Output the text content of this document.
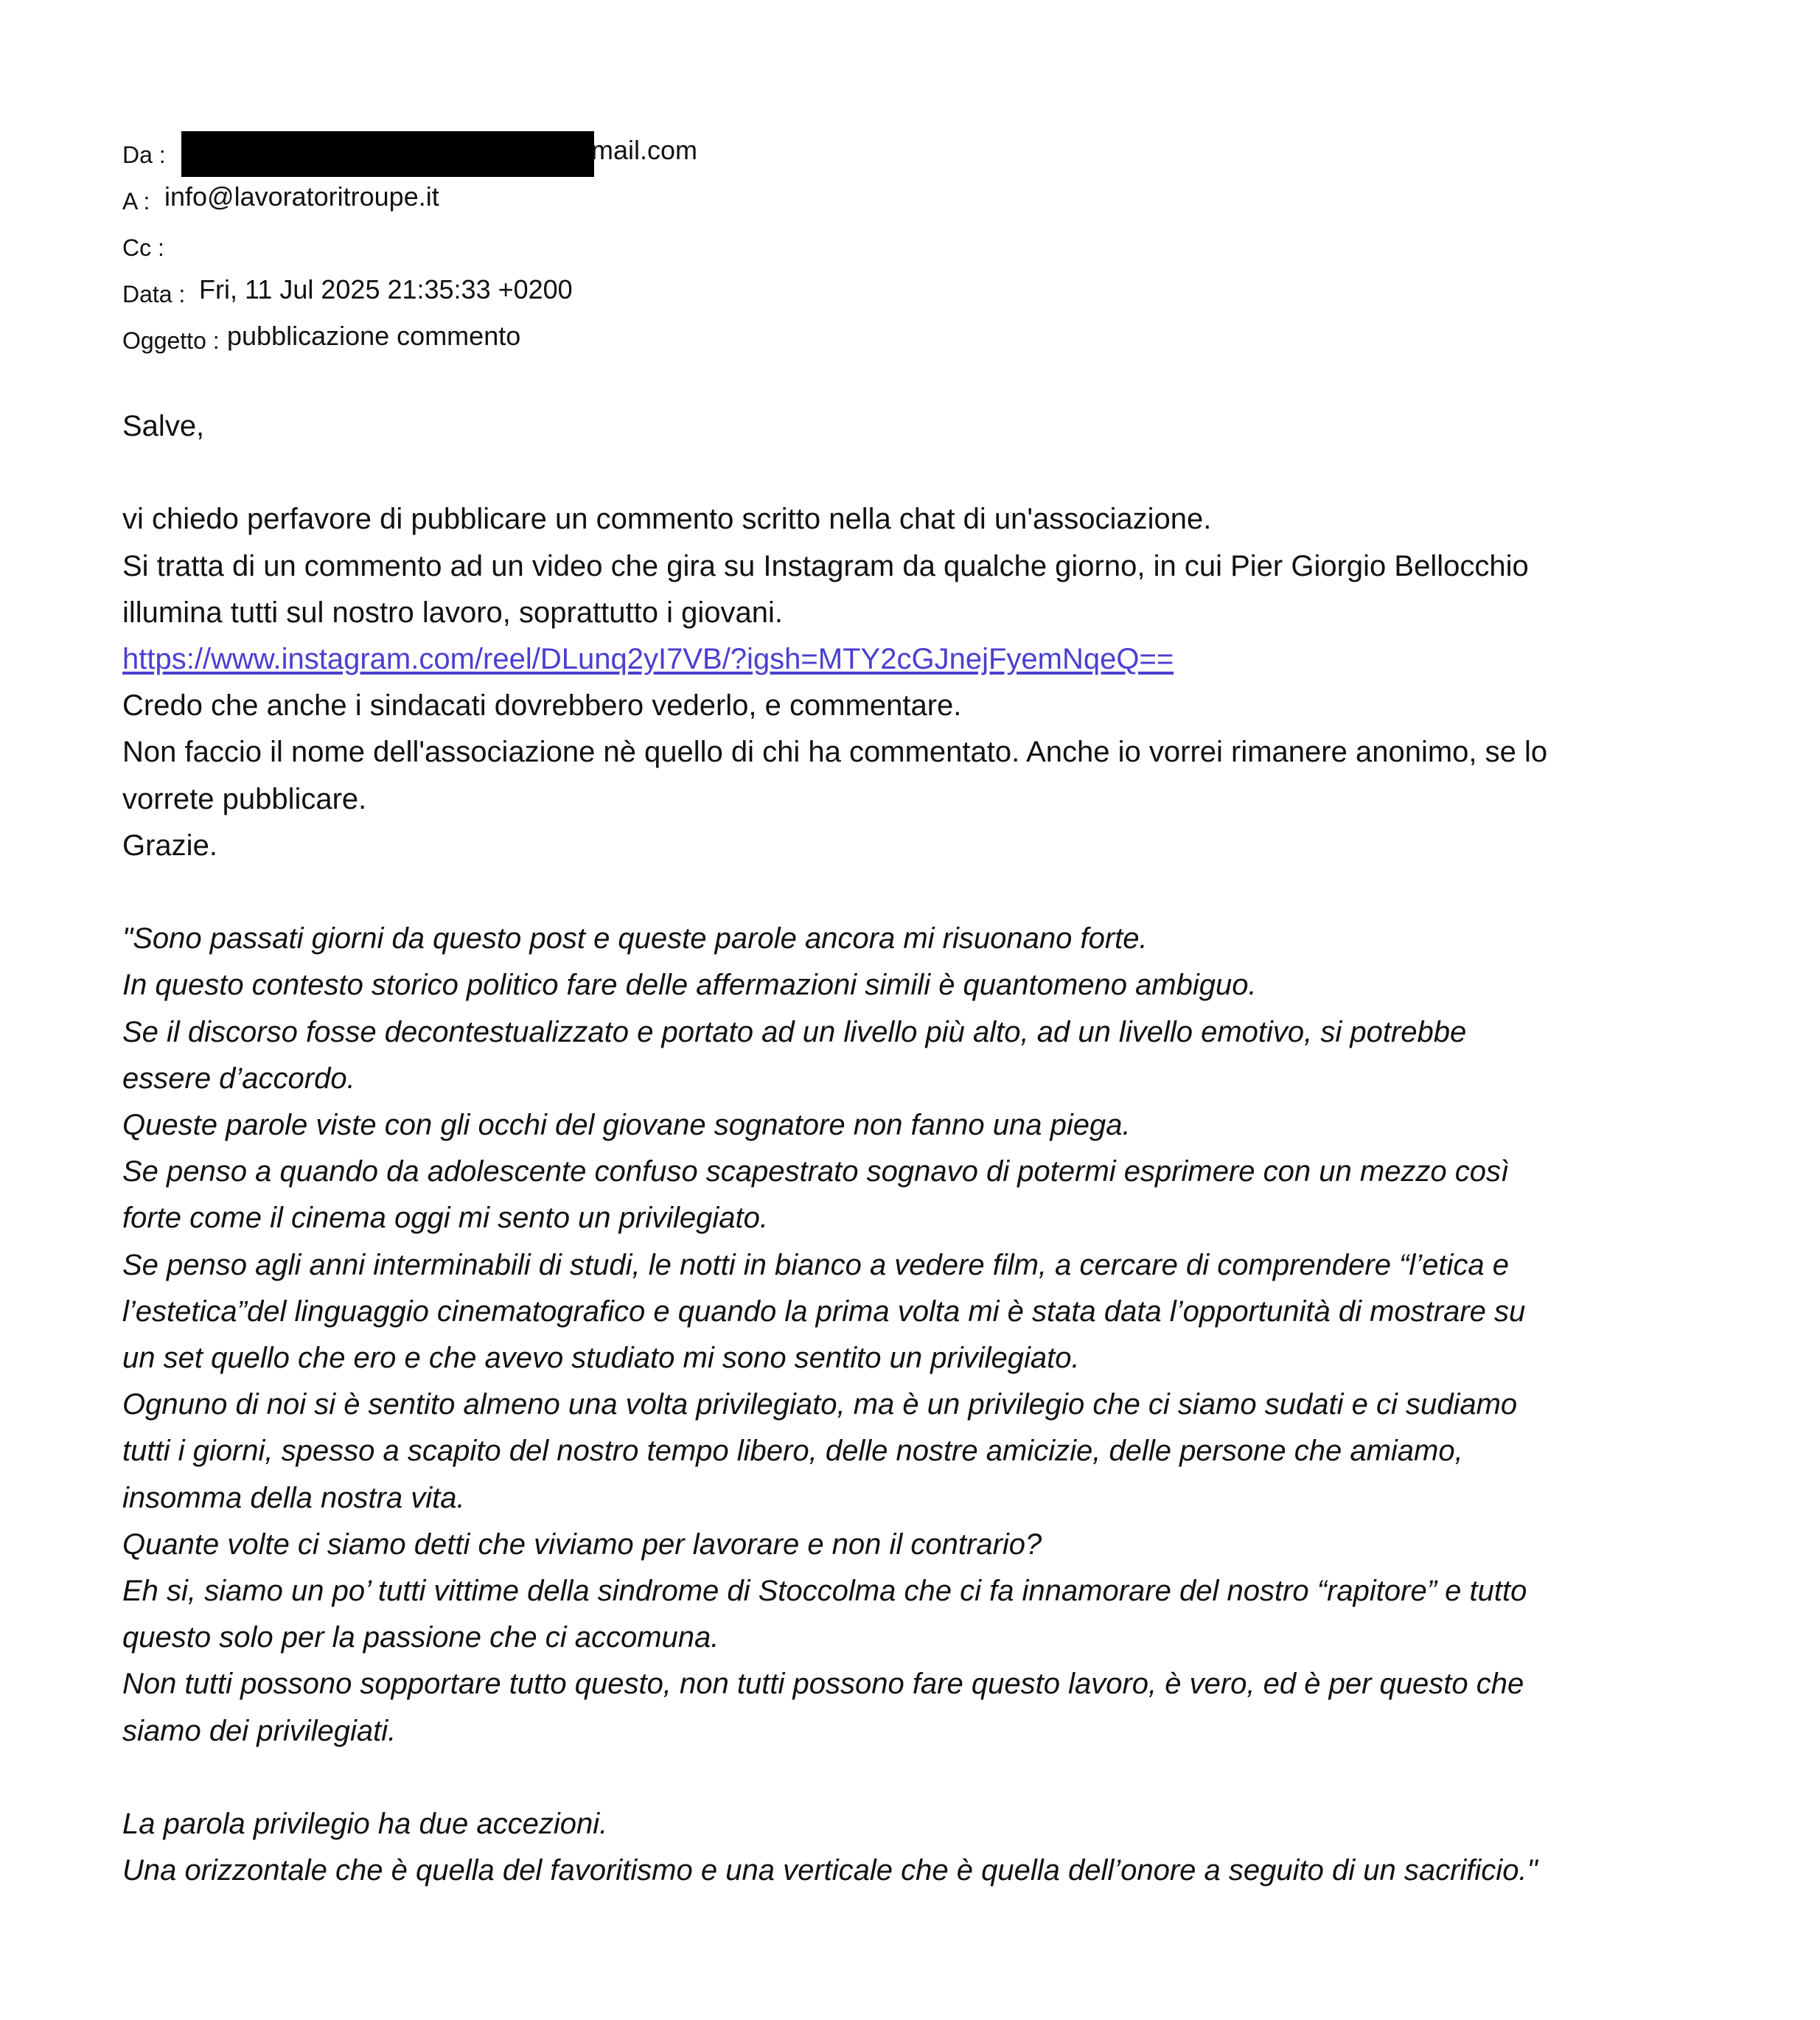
Da :	mail.com
A : info@lavoratoritroupe.it
Cc :
Data : Fri, 11 Jul 2025 21:35:33 +0200
Oggetto : pubblicazione commento
Salve,
vi chiedo perfavore di pubblicare un commento scritto nella chat di un'associazione.
Si tratta di un commento ad un video che gira su Instagram da qualche giorno, in cui Pier Giorgio Bellocchio
illumina tutti sul nostro lavoro, soprattutto i giovani.
https://www.instagram.com/reel/DLunq2yI7VB/?igsh=MTY2cGJnejFyemNqeQ==
Credo che anche i sindacati dovrebbero vederlo, e commentare.
Non faccio il nome dell'associazione nè quello di chi ha commentato. Anche io vorrei rimanere anonimo, se lo
vorrete pubblicare.
Grazie.
"Sono passati giorni da questo post e queste parole ancora mi risuonano forte.
In questo contesto storico politico fare delle affermazioni simili è quantomeno ambiguo.
Se il discorso fosse decontestualizzato e portato ad un livello più alto, ad un livello emotivo, si potrebbe
essere d’accordo.
Queste parole viste con gli occhi del giovane sognatore non fanno una piega.
Se penso a quando da adolescente confuso scapestrato sognavo di potermi esprimere con un mezzo così
forte come il cinema oggi mi sento un privilegiato.
Se penso agli anni interminabili di studi, le notti in bianco a vedere film, a cercare di comprendere “l’etica e
l’estetica”del linguaggio cinematografico e quando la prima volta mi è stata data l’opportunità di mostrare su
un set quello che ero e che avevo studiato mi sono sentito un privilegiato.
Ognuno di noi si è sentito almeno una volta privilegiato, ma è un privilegio che ci siamo sudati e ci sudiamo
tutti i giorni, spesso a scapito del nostro tempo libero, delle nostre amicizie, delle persone che amiamo,
insomma della nostra vita.
Quante volte ci siamo detti che viviamo per lavorare e non il contrario?
Eh si, siamo un po’ tutti vittime della sindrome di Stoccolma che ci fa innamorare del nostro “rapitore” e tutto
questo solo per la passione che ci accomuna.
Non tutti possono sopportare tutto questo, non tutti possono fare questo lavoro, è vero, ed è per questo che
siamo dei privilegiati.
La parola privilegio ha due accezioni.
Una orizzontale che è quella del favoritismo e una verticale che è quella dell’onore a seguito di un sacrificio."
